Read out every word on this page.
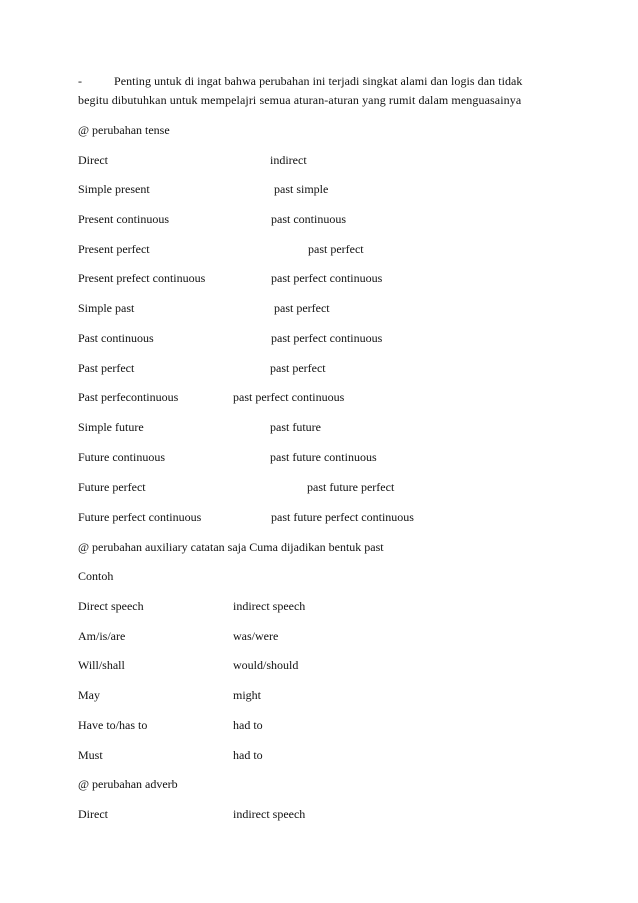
-	Penting untuk di ingat bahwa perubahan ini terjadi singkat alami dan logis dan tidak
begitu dibutuhkan untuk mempelajri semua aturan-aturan yang rumit dalam menguasainya
@ perubahan tense
Direct	indirect
Simple present	past simple
Present continuous	past continuous
Present perfect	past perfect
Present prefect continuous	past perfect continuous
Simple past	past perfect
Past continuous	past perfect continuous
Past perfect	past perfect
Past perfecontinuous	past perfect continuous
Simple future	past future
Future continuous	past future continuous
Future perfect	past future perfect
Future perfect continuous	past future perfect continuous
@ perubahan auxiliary catatan saja Cuma dijadikan bentuk past
Contoh
Direct speech	indirect speech
Am/is/are	was/were
Will/shall	would/should
May	might
Have to/has to	had to
Must	had to
@ perubahan adverb
Direct	indirect speech
